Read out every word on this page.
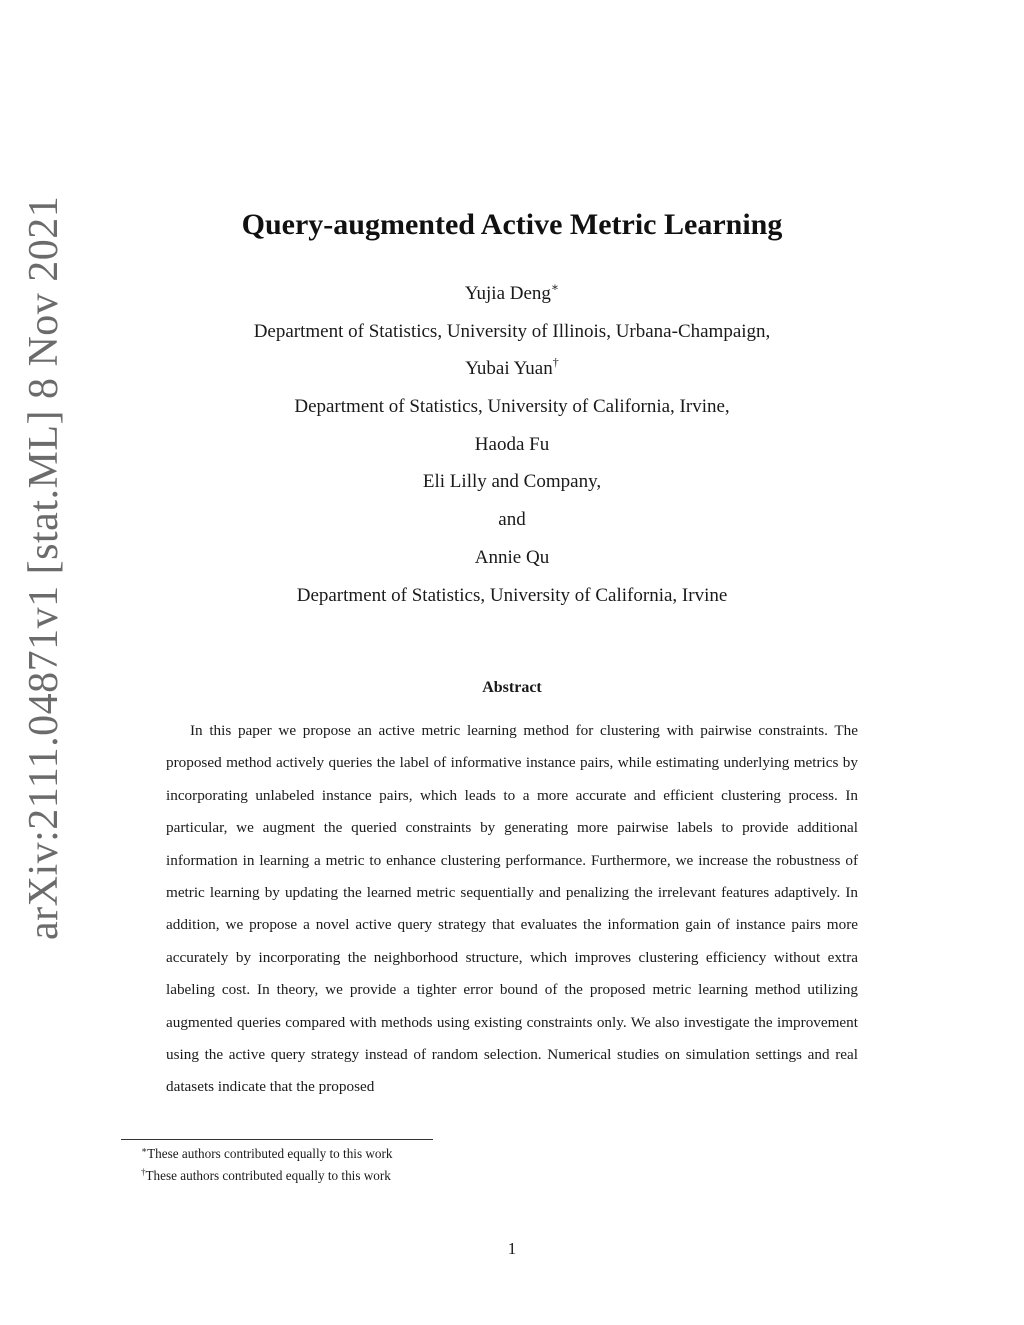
arXiv:2111.04871v1 [stat.ML] 8 Nov 2021	Query-augmented Active Metric Learning
Yujia Deng∗
Department of Statistics, University of Illinois, Urbana-Champaign,
Yubai Yuan†
Department of Statistics, University of California, Irvine,
Haoda Fu
Eli Lilly and Company,
and
Annie Qu
Department of Statistics, University of California, Irvine
Abstract

In this paper we propose an active metric learning method for clustering with pairwise constraints. The proposed method actively queries the label of informative instance pairs, while estimating underlying metrics by incorporating unlabeled instance pairs, which leads to a more accurate and efficient clustering process. In particular, we augment the queried constraints by generating more pairwise labels to provide additional information in learning a metric to enhance clustering performance. Furthermore, we increase the robustness of metric learning by updating the learned metric sequentially and penalizing the irrelevant features adaptively. In addition, we propose a novel active query strategy that evaluates the information gain of instance pairs more accurately by incorporating the neighborhood structure, which improves clustering efficiency without extra labeling cost. In theory, we provide a tighter error bound of the proposed metric learning method utilizing augmented queries compared with methods using existing constraints only. We also investigate the improvement using the active query strategy instead of random selection. Numerical studies on simulation settings and real datasets indicate that the proposed

∗These authors contributed equally to this work
†These authors contributed equally to this work
1
